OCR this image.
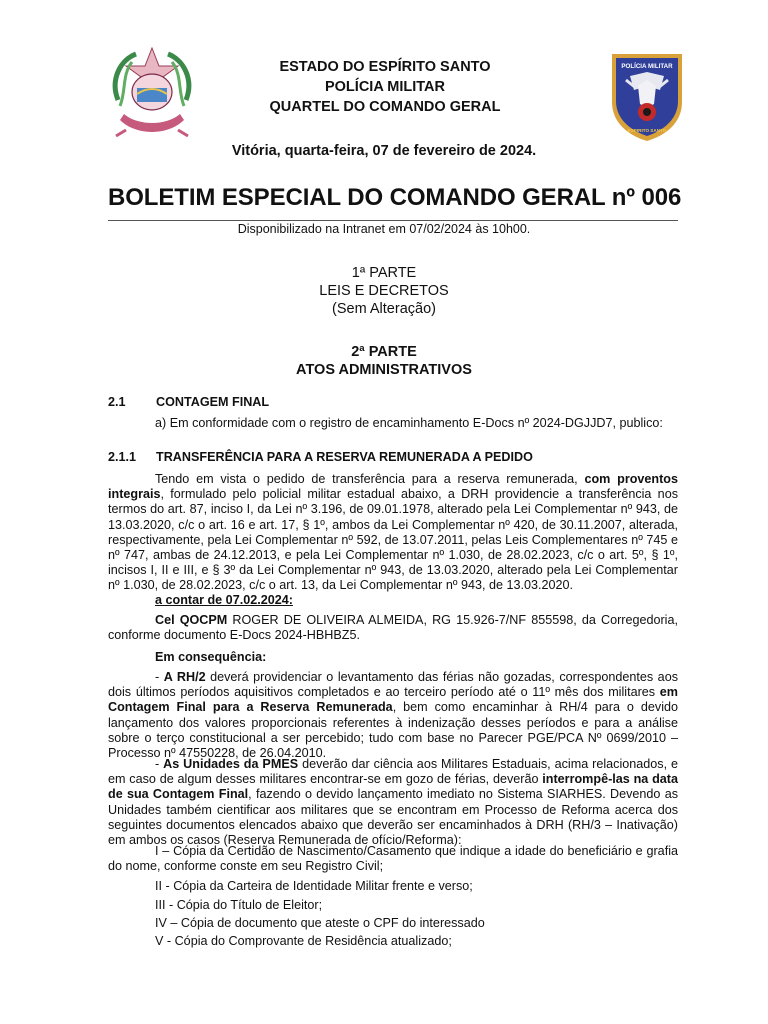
ESTADO DO ESPÍRITO SANTO
POLÍCIA MILITAR
QUARTEL DO COMANDO GERAL
POLÍCIA MILITAR
ESPIRITO SANTO
Vitória, quarta-feira, 07 de fevereiro de 2024.
BOLETIM ESPECIAL DO COMANDO GERAL nº 006
Disponibilizado na Intranet em 07/02/2024 às 10h00.
1ª PARTE
LEIS E DECRETOS
(Sem Alteração)
2ª PARTE
ATOS ADMINISTRATIVOS
2.1 CONTAGEM FINAL
a) Em conformidade com o registro de encaminhamento E-Docs nº 2024-DGJJD7, publico:
2.1.1 TRANSFERÊNCIA PARA A RESERVA REMUNERADA A PEDIDO
Tendo em vista o pedido de transferência para a reserva remunerada, com proventos integrais, formulado pelo policial militar estadual abaixo, a DRH providencie a transferência nos termos do art. 87, inciso I, da Lei nº 3.196, de 09.01.1978, alterado pela Lei Complementar nº 943, de 13.03.2020, c/c o art. 16 e art. 17, § 1º, ambos da Lei Complementar nº 420, de 30.11.2007, alterada, respectivamente, pela Lei Complementar nº 592, de 13.07.2011, pelas Leis Complementares nº 745 e nº 747, ambas de 24.12.2013, e pela Lei Complementar nº 1.030, de 28.02.2023, c/c o art. 5º, § 1º, incisos I, II e III, e § 3º da Lei Complementar nº 943, de 13.03.2020, alterado pela Lei Complementar nº 1.030, de 28.02.2023, c/c o art. 13, da Lei Complementar nº 943, de 13.03.2020.
a contar de 07.02.2024:
Cel QOCPM ROGER DE OLIVEIRA ALMEIDA, RG 15.926-7/NF 855598, da Corregedoria, conforme documento E-Docs 2024-HBHBZ5.
Em consequência:
- A RH/2 deverá providenciar o levantamento das férias não gozadas, correspondentes aos dois últimos períodos aquisitivos completados e ao terceiro período até o 11º mês dos militares em Contagem Final para a Reserva Remunerada, bem como encaminhar à RH/4 para o devido lançamento dos valores proporcionais referentes à indenização desses períodos e para a análise sobre o terço constitucional a ser percebido; tudo com base no Parecer PGE/PCA Nº 0699/2010 – Processo nº 47550228, de 26.04.2010.
- As Unidades da PMES deverão dar ciência aos Militares Estaduais, acima relacionados, e em caso de algum desses militares encontrar-se em gozo de férias, deverão interrompê-las na data de sua Contagem Final, fazendo o devido lançamento imediato no Sistema SIARHES. Devendo as Unidades também cientificar aos militares que se encontram em Processo de Reforma acerca dos seguintes documentos elencados abaixo que deverão ser encaminhados à DRH (RH/3 – Inativação) em ambos os casos (Reserva Remunerada de ofício/Reforma):
I – Cópia da Certidão de Nascimento/Casamento que indique a idade do beneficiário e grafia do nome, conforme conste em seu Registro Civil;
II - Cópia da Carteira de Identidade Militar frente e verso;
III - Cópia do Título de Eleitor;
IV – Cópia de documento que ateste o CPF do interessado
V - Cópia do Comprovante de Residência atualizado;
